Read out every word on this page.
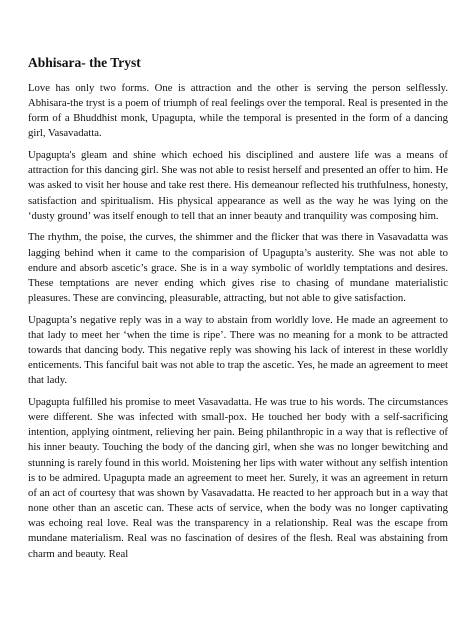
Abhisara- the Tryst

Love has only two forms. One is attraction and the other is serving the person selflessly. Abhisara-the tryst is a poem of triumph of real feelings over the temporal. Real is presented in the form of a Bhuddhist monk, Upagupta, while the temporal is presented in the form of a dancing girl, Vasavadatta.

Upagupta's gleam and shine which echoed his disciplined and austere life was a means of attraction for this dancing girl. She was not able to resist herself and presented an offer to him. He was asked to visit her house and take rest there. His demeanour reflected his truthfulness, honesty, satisfaction and spiritualism. His physical appearance as well as the way he was lying on the ‘dusty ground’ was itself enough to tell that an inner beauty and tranquility was composing him.

The rhythm, the poise, the curves, the shimmer and the flicker that was there in Vasavadatta was lagging behind when it came to the comparision of Upagupta’s austerity. She was not able to endure and absorb ascetic’s grace. She is in a way symbolic of worldly temptations and desires. These temptations are never ending which gives rise to chasing of mundane materialistic pleasures. These are convincing, pleasurable, attracting, but not able to give satisfaction.

Upagupta’s negative reply was in a way to abstain from worldly love. He made an agreement to that lady to meet her ‘when the time is ripe’. There was no meaning for a monk to be attracted towards that dancing body. This negative reply was showing his lack of interest in these worldly enticements. This fanciful bait was not able to trap the ascetic. Yes, he made an agreement to meet that lady.

Upagupta fulfilled his promise to meet Vasavadatta. He was true to his words. The circumstances were different. She was infected with small-pox. He touched her body with a self-sacrificing intention, applying ointment, relieving her pain. Being philanthropic in a way that is reflective of his inner beauty. Touching the body of the dancing girl, when she was no longer bewitching and stunning is rarely found in this world. Moistening her lips with water without any selfish intention is to be admired. Upagupta made an agreement to meet her. Surely, it was an agreement in return of an act of courtesy that was shown by Vasavadatta. He reacted to her approach but in a way that none other than an ascetic can. These acts of service, when the body was no longer captivating was echoing real love. Real was the transparency in a relationship. Real was the escape from mundane materialism. Real was no fascination of desires of the flesh. Real was abstaining from charm and beauty. Real
